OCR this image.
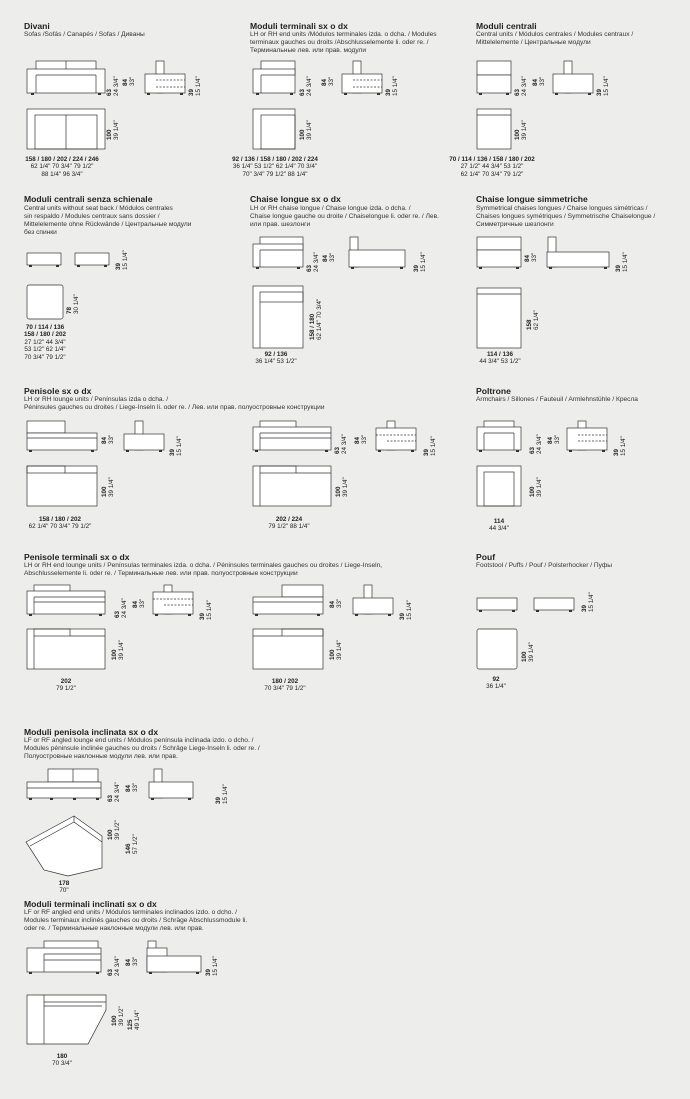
Divani
Sofas /Sofás / Canapés / Sofas / Диваны
63
24 3/4" 84
33"
39
15 1/4"
100
39 1/4"
158 / 180 / 202 / 224 / 246
62 1/4" 70 3/4" 79 1/2"
88 1/4" 96 3/4"
Moduli terminali sx o dx
LH or RH end units /Módulos terminales izda. o dcha. / Modules
terminaux gauches ou droits /Abschlusselemente li. oder re. /
Терминальные лев. или прав. модули
63
24 3/4" 84
33"
39
15 1/4"
100
39 1/4"
92 / 136 / 158 / 180 / 202 / 224
36 1/4" 53 1/2" 62 1/4" 70 3/4"
70" 3/4" 79 1/2" 88 1/4"
Moduli centrali
Central units / Módulos centrales / Modules centraux /
Mittelelemente / Центральные модули
63
24 3/4" 84
33"
39
15 1/4"
100
39 1/4"
70 / 114 / 136 / 158 / 180 / 202
27 1/2" 44 3/4" 53 1/2"
62 1/4" 70 3/4" 79 1/2"
Moduli centrali senza schienale
Central units without seat back / Módulos centrales
sin respaldo / Modules centraux sans dossier /
Mittelelemente ohne Rückwände / Центральные модули
без спинки
39
15 1/4"
78
30 1/4"
70 / 114 / 136
158 / 180 / 202
27 1/2" 44 3/4"
53 1/2" 62 1/4"
70 3/4" 79 1/2"
Chaise longue sx o dx
LH or RH chaise longue / Chaise longue izda. o dcha. /
Chaise longue gauche ou droite / Chaiselongue li. oder re. / Лев.
или прав. шезлонги
63
24 3/4" 84
33"
39
15 1/4"
158 / 180
62 1/4" 70 3/4"
92 / 136
36 1/4" 53 1/2"
Chaise longue simmetriche
Symmetrical chaises longues / Chaise longues simétricas /
Chaises longues symétriques / Symmetrische Chaiselongue /
Симметричные шезлонги
84
33"
39
15 1/4"
158
62 1/4"
114 / 136
44 3/4" 53 1/2"
Penisole sx o dx
LH or RH lounge units / Penínsulas izda o dcha. /
Péninsules gauches ou droites / Liege-Inseln li. oder re. / Лев. или прав. полуостровные конструкции
84
33"
39
15 1/4"
100
39 1/4"
158 / 180 / 202
62 1/4" 70 3/4" 79 1/2"
63
24 3/4" 84
33"
39
15 1/4"
100
39 1/4"
202 / 224
79 1/2" 88 1/4"
Poltrone
Armchairs / Sillones / Fauteuil / Armlehnstühle / Кресла
63
24 3/4" 84
33"
39
15 1/4"
100
39 1/4"
114
44 3/4"
Penisole terminali sx o dx
LH or RH end lounge units / Penínsulas terminales izda. o dcha. / Péninsules terminales gauches ou droites / Liege-Inseln,
Abschlusselemente li. oder re. / Терминальные лев. или прав. полуостровные конструкции
63
24 3/4" 84
33"
39
15 1/4"
100
39 1/4"
202
79 1/2"
84
33"
39
15 1/4"
100
39 1/4"
180 / 202
70 3/4" 79 1/2"
Pouf
Footstool / Puffs / Pouf / Polsterhocker / Пуфы
39
15 1/4"
100
39 1/4"
92
36 1/4"
Moduli penisola inclinata sx o dx
LF or RF angled lounge end units / Módulos península inclinada izdo. o dcho. /
Modules péninsule inclinée gauches ou droits / Schräge Liege-Inseln li. oder re. /
Полуостровные наклонные модули лев. или прав.
63
24 3/4" 84
33"
39
15 1/4"
100
39 1/2"
146
57 1/2"
178
70"
Moduli terminali inclinati sx o dx
LF or RF angled end units / Módulos terminales inclinados izdo. o dcho. /
Modules terminaux inclinés gauches ou droits / Schräge Abschlussmodule li.
oder re. / Терминальные наклонные модули лев. или прав.
63
24 3/4" 84
33"
39
15 1/4"
100
39 1/2" 125
49 1/4"
180
70 3/4"
